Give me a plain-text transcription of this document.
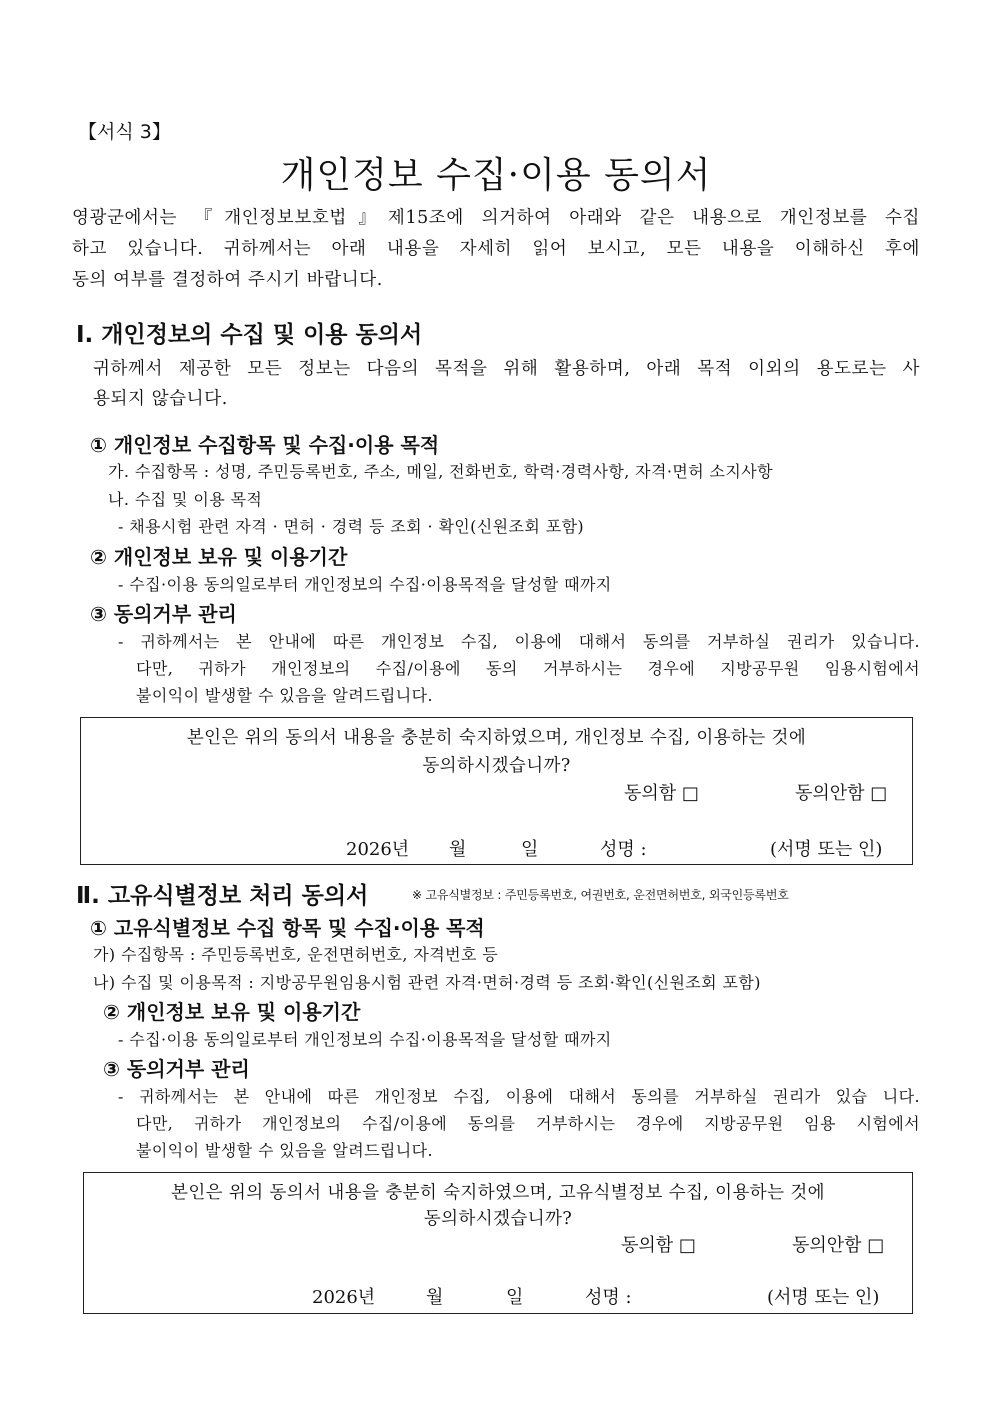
【서식 3】
개인정보 수집·이용 동의서
영광군에서는 『개인정보보호법』제15조에 의거하여 아래와 같은 내용으로 개인정보를 수집
하고 있습니다. 귀하께서는 아래 내용을 자세히 읽어 보시고, 모든 내용을 이해하신 후에
동의 여부를 결정하여 주시기 바랍니다.
Ⅰ. 개인정보의 수집 및 이용 동의서
귀하께서 제공한 모든 정보는 다음의 목적을 위해 활용하며, 아래 목적 이외의 용도로는 사
용되지 않습니다.
① 개인정보 수집항목 및 수집·이용 목적
가. 수집항목 : 성명, 주민등록번호, 주소, 메일, 전화번호, 학력·경력사항, 자격·면허 소지사항
나. 수집 및 이용 목적
- 채용시험 관련 자격 · 면허 · 경력 등 조회 · 확인(신원조회 포함)
② 개인정보 보유 및 이용기간
- 수집·이용 동의일로부터 개인정보의 수집·이용목적을 달성할 때까지
③ 동의거부 관리
- 귀하께서는 본 안내에 따른 개인정보 수집, 이용에 대해서 동의를 거부하실 권리가 있습니다.
다만, 귀하가 개인정보의 수집/이용에 동의 거부하시는 경우에 지방공무원 임용시험에서
불이익이 발생할 수 있음을 알려드립니다.
본인은 위의 동의서 내용을 충분히 숙지하였으며, 개인정보 수집, 이용하는 것에
동의하시겠습니까?
동의함 □	동의안함 □
2026년 월	일	성명 :	(서명 또는 인)
Ⅱ. 고유식별정보 처리 동의서	※ 고유식별정보 : 주민등록번호, 여권번호, 운전면허번호, 외국인등록번호
① 고유식별정보 수집 항목 및 수집·이용 목적
가) 수집항목 : 주민등록번호, 운전면허번호, 자격번호 등
나) 수집 및 이용목적 : 지방공무원임용시험 관련 자격·면허·경력 등 조회·확인(신원조회 포함)
② 개인정보 보유 및 이용기간
- 수집·이용 동의일로부터 개인정보의 수집·이용목적을 달성할 때까지
③ 동의거부 관리
- 귀하께서는 본 안내에 따른 개인정보 수집, 이용에 대해서 동의를 거부하실 권리가 있습 니다.
다만, 귀하가 개인정보의 수집/이용에 동의를 거부하시는 경우에 지방공무원 임용 시험에서
불이익이 발생할 수 있음을 알려드립니다.
본인은 위의 동의서 내용을 충분히 숙지하였으며, 고유식별정보 수집, 이용하는 것에
동의하시겠습니까?
동의함 □	동의안함 □
2026년	월	일	성명 :	(서명 또는 인)
